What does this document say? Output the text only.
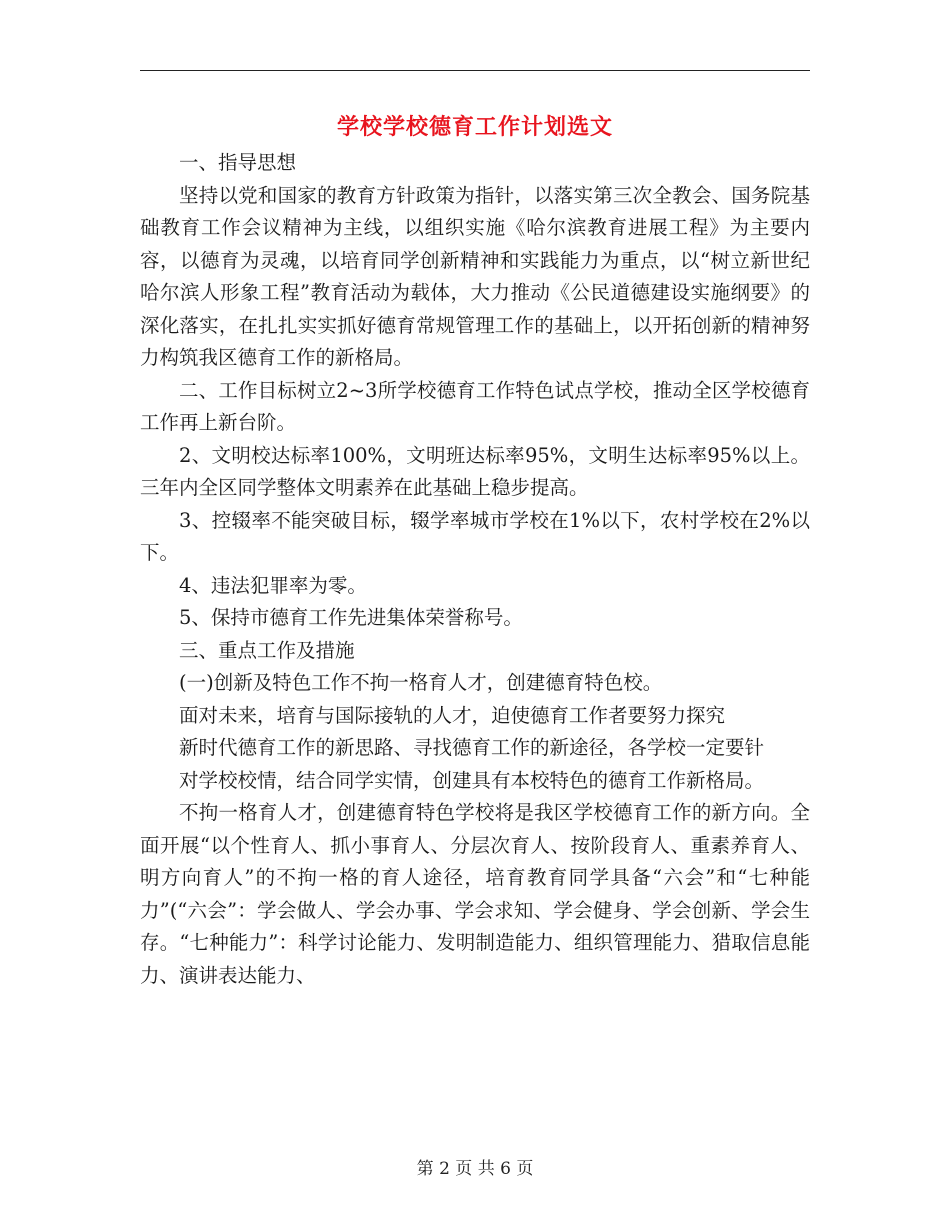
学校学校德育工作计划选文

一、指导思想

坚持以党和国家的教育方针政策为指针，以落实第三次全教会、国务院基础教育工作会议精神为主线，以组织实施《哈尔滨教育进展工程》为主要内容，以德育为灵魂，以培育同学创新精神和实践能力为重点，以“树立新世纪哈尔滨人形象工程”教育活动为载体，大力推动《公民道德建设实施纲要》的深化落实，在扎扎实实抓好德育常规管理工作的基础上，以开拓创新的精神努力构筑我区德育工作的新格局。

二、工作目标树立2~3所学校德育工作特色试点学校，推动全区学校德育工作再上新台阶。

2、文明校达标率100%，文明班达标率95%，文明生达标率95%以上。三年内全区同学整体文明素养在此基础上稳步提高。

3、控辍率不能突破目标，辍学率城市学校在1%以下，农村学校在2%以下。

4、违法犯罪率为零。

5、保持市德育工作先进集体荣誉称号。

三、重点工作及措施

(一)创新及特色工作不拘一格育人才，创建德育特色校。

面对未来，培育与国际接轨的人才，迫使德育工作者要努力探究

新时代德育工作的新思路、寻找德育工作的新途径，各学校一定要针

对学校校情，结合同学实情，创建具有本校特色的德育工作新格局。

不拘一格育人才，创建德育特色学校将是我区学校德育工作的新方向。全面开展“以个性育人、抓小事育人、分层次育人、按阶段育人、重素养育人、明方向育人”的不拘一格的育人途径，培育教育同学具备“六会”和“七种能力”(“六会”：学会做人、学会办事、学会求知、学会健身、学会创新、学会生存。“七种能力”：科学讨论能力、发明制造能力、组织管理能力、猎取信息能力、演讲表达能力、

第 2 页 共 6 页
